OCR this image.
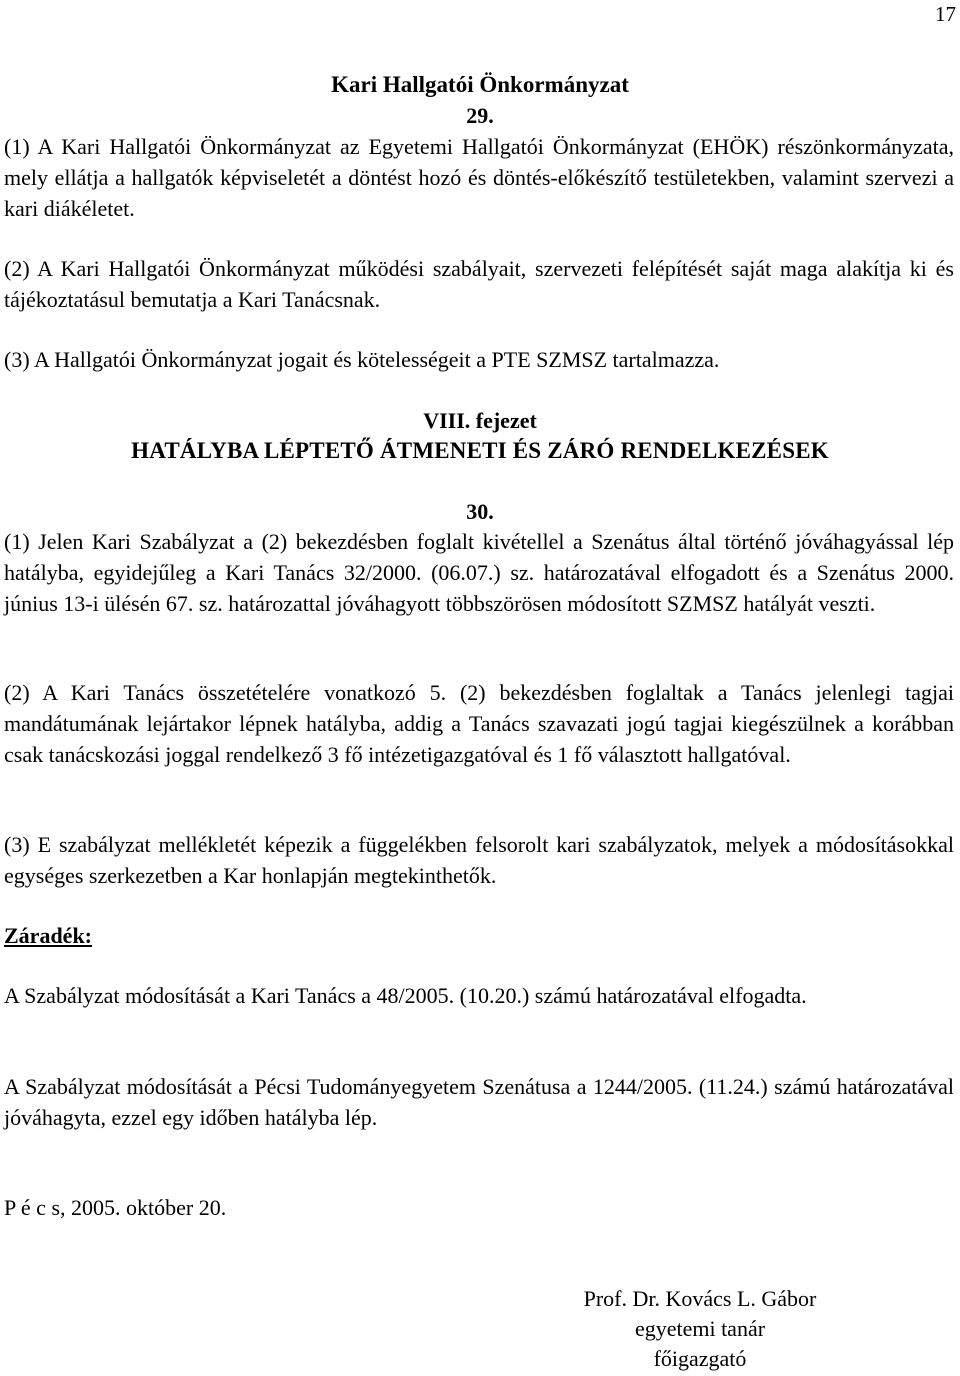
17
Kari Hallgatói Önkormányzat
29.
(1) A Kari Hallgatói Önkormányzat az Egyetemi Hallgatói Önkormányzat (EHÖK) részönkormányzata, mely ellátja a hallgatók képviseletét a döntést hozó és döntés-előkészítő testületekben, valamint szervezi a kari diákéletet.
(2) A Kari Hallgatói Önkormányzat működési szabályait, szervezeti felépítését saját maga alakítja ki és tájékoztatásul bemutatja a Kari Tanácsnak.
(3) A Hallgatói Önkormányzat jogait és kötelességeit a PTE SZMSZ tartalmazza.
VIII. fejezet
HATÁLYBA LÉPTETŐ ÁTMENETI ÉS ZÁRÓ RENDELKEZÉSEK
30.
(1) Jelen Kari Szabályzat a (2) bekezdésben foglalt kivétellel a Szenátus által történő jóváhagyással lép hatályba, egyidejűleg a Kari Tanács 32/2000. (06.07.) sz. határozatával elfogadott és a Szenátus 2000. június 13-i ülésén 67. sz. határozattal jóváhagyott többszörösen módosított SZMSZ hatályát veszti.
(2) A Kari Tanács összetételére vonatkozó 5. (2) bekezdésben foglaltak a Tanács jelenlegi tagjai mandátumának lejártakor lépnek hatályba, addig a Tanács szavazati jogú tagjai kiegészülnek a korábban csak tanácskozási joggal rendelkező 3 fő intézetigazgatóval és 1 fő választott hallgatóval.
(3) E szabályzat mellékletét képezik a függelékben felsorolt kari szabályzatok, melyek a módosításokkal egységes szerkezetben a Kar honlapján megtekinthetők.
Záradék:
A Szabályzat módosítását a Kari Tanács a 48/2005. (10.20.) számú határozatával elfogadta.
A Szabályzat módosítását a Pécsi Tudományegyetem Szenátusa a 1244/2005. (11.24.) számú határozatával jóváhagyta, ezzel egy időben hatályba lép.
P é c s, 2005. október 20.
Prof. Dr. Kovács L. Gábor
egyetemi tanár
főigazgató
